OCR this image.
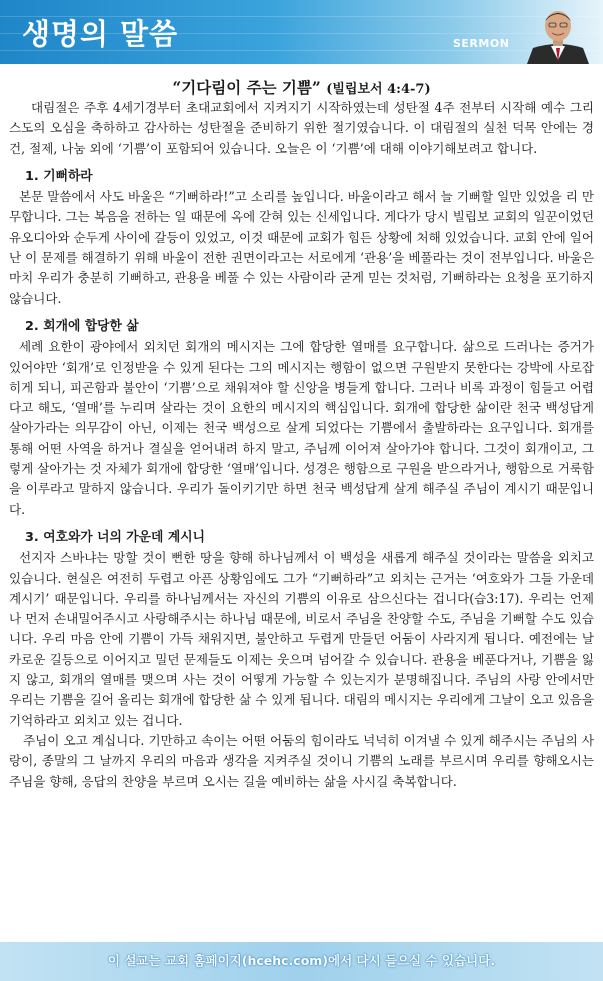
생명의 말씀	SERMON
“기다림이 주는 기쁨” (빌립보서 4:4-7)

대림절은 주후 4세기경부터 초대교회에서 지켜지기 시작하였는데 성탄절 4주 전부터 시작해 예수 그리스도의 오심을 축하하고 감사하는 성탄절을 준비하기 위한 절기였습니다. 이 대림절의 실천 덕목 안에는 경건, 절제, 나눔 외에 ‘기쁨’이 포함되어 있습니다. 오늘은 이 ‘기쁨’에 대해 이야기해보려고 합니다.

1. 기뻐하라

본문 말씀에서 사도 바울은 “기뻐하라!”고 소리를 높입니다. 바울이라고 해서 늘 기뻐할 일만 있었을 리 만무합니다. 그는 복음을 전하는 일 때문에 옥에 갇혀 있는 신세입니다. 게다가 당시 빌립보 교회의 일꾼이었던 유오디아와 순두게 사이에 갈등이 있었고, 이것 때문에 교회가 힘든 상황에 처해 있었습니다. 교회 안에 일어난 이 문제를 해결하기 위해 바울이 전한 권면이라고는 서로에게 ‘관용’을 베풀라는 것이 전부입니다. 바울은 마치 우리가 충분히 기뻐하고, 관용을 베풀 수 있는 사람이라 굳게 믿는 것처럼, 기뻐하라는 요청을 포기하지 않습니다.

2. 회개에 합당한 삶

세례 요한이 광야에서 외치던 회개의 메시지는 그에 합당한 열매를 요구합니다. 삶으로 드러나는 증거가 있어야만 ‘회개’로 인정받을 수 있게 된다는 그의 메시지는 행함이 없으면 구원받지 못한다는 강박에 사로잡히게 되니, 피곤함과 불안이 ‘기쁨’으로 채워져야 할 신앙을 병들게 합니다. 그러나 비록 과정이 힘들고 어렵다고 해도, ‘열매’를 누리며 살라는 것이 요한의 메시지의 핵심입니다. 회개에 합당한 삶이란 천국 백성답게 살아가라는 의무감이 아닌, 이제는 천국 백성으로 살게 되었다는 기쁨에서 출발하라는 요구입니다. 회개를 통해 어떤 사역을 하거나 결실을 얻어내려 하지 말고, 주님께 이어져 살아가야 합니다. 그것이 회개이고, 그렇게 살아가는 것 자체가 회개에 합당한 ‘열매’입니다. 성경은 행함으로 구원을 받으라거나, 행함으로 거룩함을 이루라고 말하지 않습니다. 우리가 돌이키기만 하면 천국 백성답게 살게 해주실 주님이 계시기 때문입니다.

3. 여호와가 너의 가운데 계시니

선지자 스바냐는 망할 것이 뻔한 땅을 향해 하나님께서 이 백성을 새롭게 해주실 것이라는 말씀을 외치고 있습니다. 현실은 여전히 두렵고 아픈 상황임에도 그가 “기뻐하라”고 외치는 근거는 ‘여호와가 그들 가운데 계시기’ 때문입니다. 우리를 하나님께서는 자신의 기쁨의 이유로 삼으신다는 겁니다(습3:17). 우리는 언제나 먼저 손내밀어주시고 사랑해주시는 하나님 때문에, 비로서 주님을 찬양할 수도, 주님을 기뻐할 수도 있습니다. 우리 마음 안에 기쁨이 가득 채워지면, 불안하고 두렵게 만들던 어둠이 사라지게 됩니다. 예전에는 날카로운 길등으로 이어지고 밀던 문제들도 이제는 웃으며 넘어갈 수 있습니다. 관용을 베푼다거나, 기쁨을 잃지 않고, 회개의 열매를 맺으며 사는 것이 어떻게 가능할 수 있는지가 분명해집니다. 주님의 사랑 안에서만 우리는 기쁨을 길어 올리는 회개에 합당한 삶 수 있게 됩니다. 대림의 메시지는 우리에게 그날이 오고 있음을 기억하라고 외치고 있는 겁니다.

주님이 오고 계십니다. 기만하고 속이는 어떤 어둠의 힘이라도 넉넉히 이겨낼 수 있게 해주시는 주님의 사랑이, 종말의 그 날까지 우리의 마음과 생각을 지켜주실 것이니 기쁨의 노래를 부르시며 우리를 향해오시는 주님을 향해, 응답의 찬양을 부르며 오시는 길을 예비하는 삶을 사시길 축복합니다.

이 설교는 교회 홈페이지(hcehc.com)에서 다시 들으실 수 있습니다.
